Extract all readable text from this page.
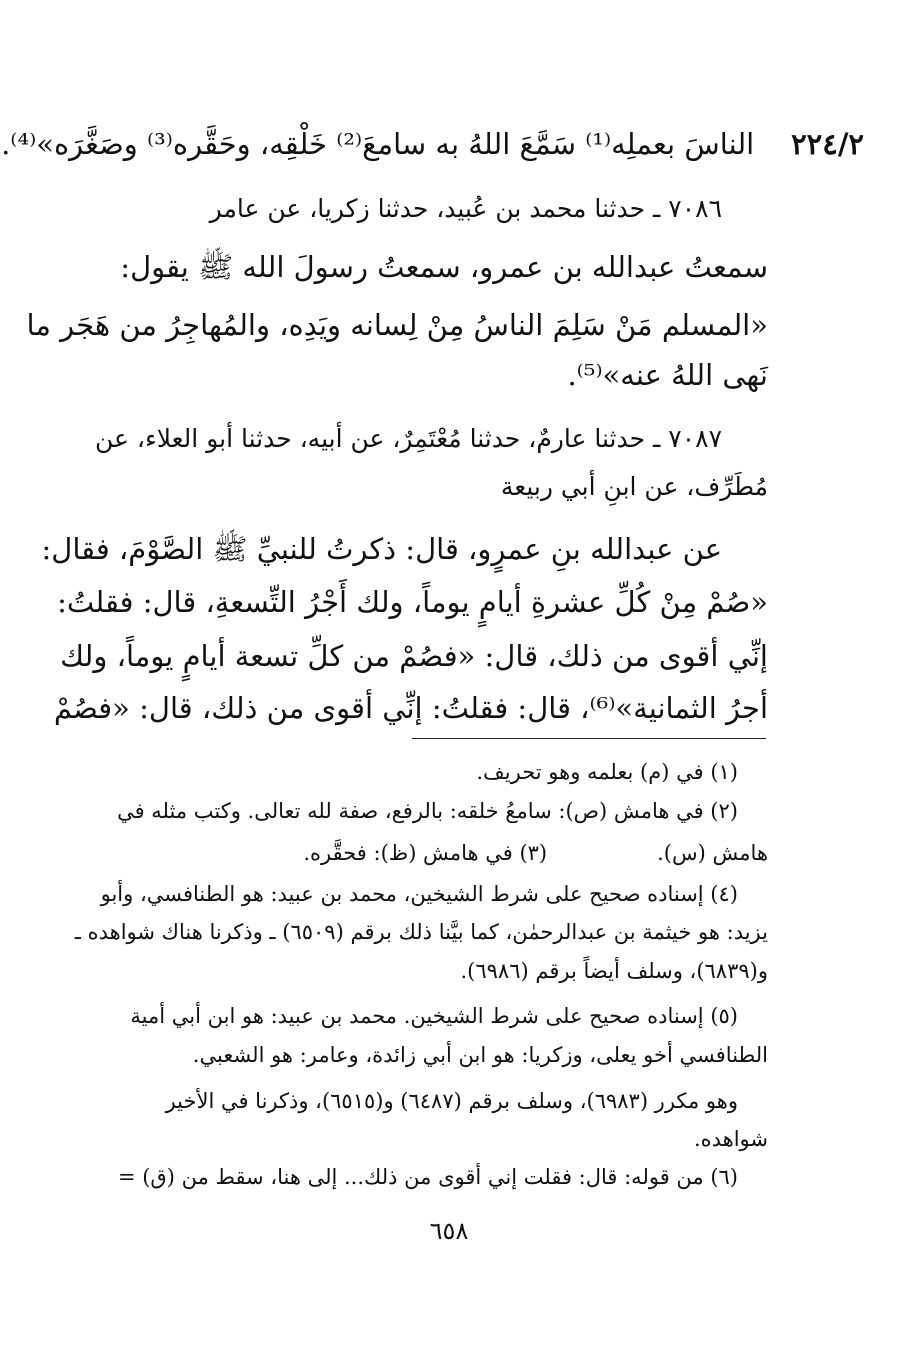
٢٢٤/٢    الناسَ بعملِه⁽¹⁾ سَمَّعَ اللهُ به سامعَ⁽²⁾ خَلْقِه، وحَقَّره⁽³⁾ وصَغَّرَه»⁽⁴⁾.
٧٠٨٦ ـ حدثنا محمد بن عُبيد، حدثنا زكريا، عن عامر
سمعتُ عبدالله بن عمرو، سمعتُ رسولَ الله ﷺ يقول:
«المسلم مَنْ سَلِمَ الناسُ مِنْ لِسانه ويَدِه، والمُهاجِرُ من هَجَر ما
نَهى اللهُ عنه»⁽⁵⁾.
٧٠٨٧ ـ حدثنا عارمٌ، حدثنا مُعْتَمِرٌ، عن أبيه، حدثنا أبو العلاء، عن
مُطَرِّف، عن ابنِ أبي ربيعة
عن عبدالله بنِ عمرٍو، قال: ذكرتُ للنبيِّ ﷺ الصَّوْمَ، فقال:
«صُمْ مِنْ كُلِّ عشرةِ أيامٍ يوماً، ولك أَجْرُ التِّسعةِ، قال: فقلتُ:
إنِّي أقوى من ذلك، قال: «فصُمْ من كلِّ تسعة أيامٍ يوماً، ولك
أجرُ الثمانية»⁽⁶⁾، قال: فقلتُ: إنِّي أقوى من ذلك، قال: «فصُمْ
(١) في (م) بعلمه وهو تحريف.
(٢) في هامش (ص): سامعُ خلقه: بالرفع، صفة لله تعالى. وكتب مثله في
هامش (س).(٣) في هامش (ظ): فحقَّره.
(٤) إسناده صحيح على شرط الشيخين، محمد بن عبيد: هو الطنافسي، وأبو
يزيد: هو خيثمة بن عبدالرحمٰن، كما بيَّنا ذلك برقم (٦٥٠٩) ـ وذكرنا هناك شواهده ـ
و(٦٨٣٩)، وسلف أيضاً برقم (٦٩٨٦).
(٥) إسناده صحيح على شرط الشيخين. محمد بن عبيد: هو ابن أبي أمية
الطنافسي أخو يعلى، وزكريا: هو ابن أبي زائدة، وعامر: هو الشعبي.
وهو مكرر (٦٩٨٣)، وسلف برقم (٦٤٨٧) و(٦٥١٥)، وذكرنا في الأخير
شواهده.
(٦) من قوله: قال: فقلت إني أقوى من ذلك... إلى هنا، سقط من (ق) =
٦٥٨
